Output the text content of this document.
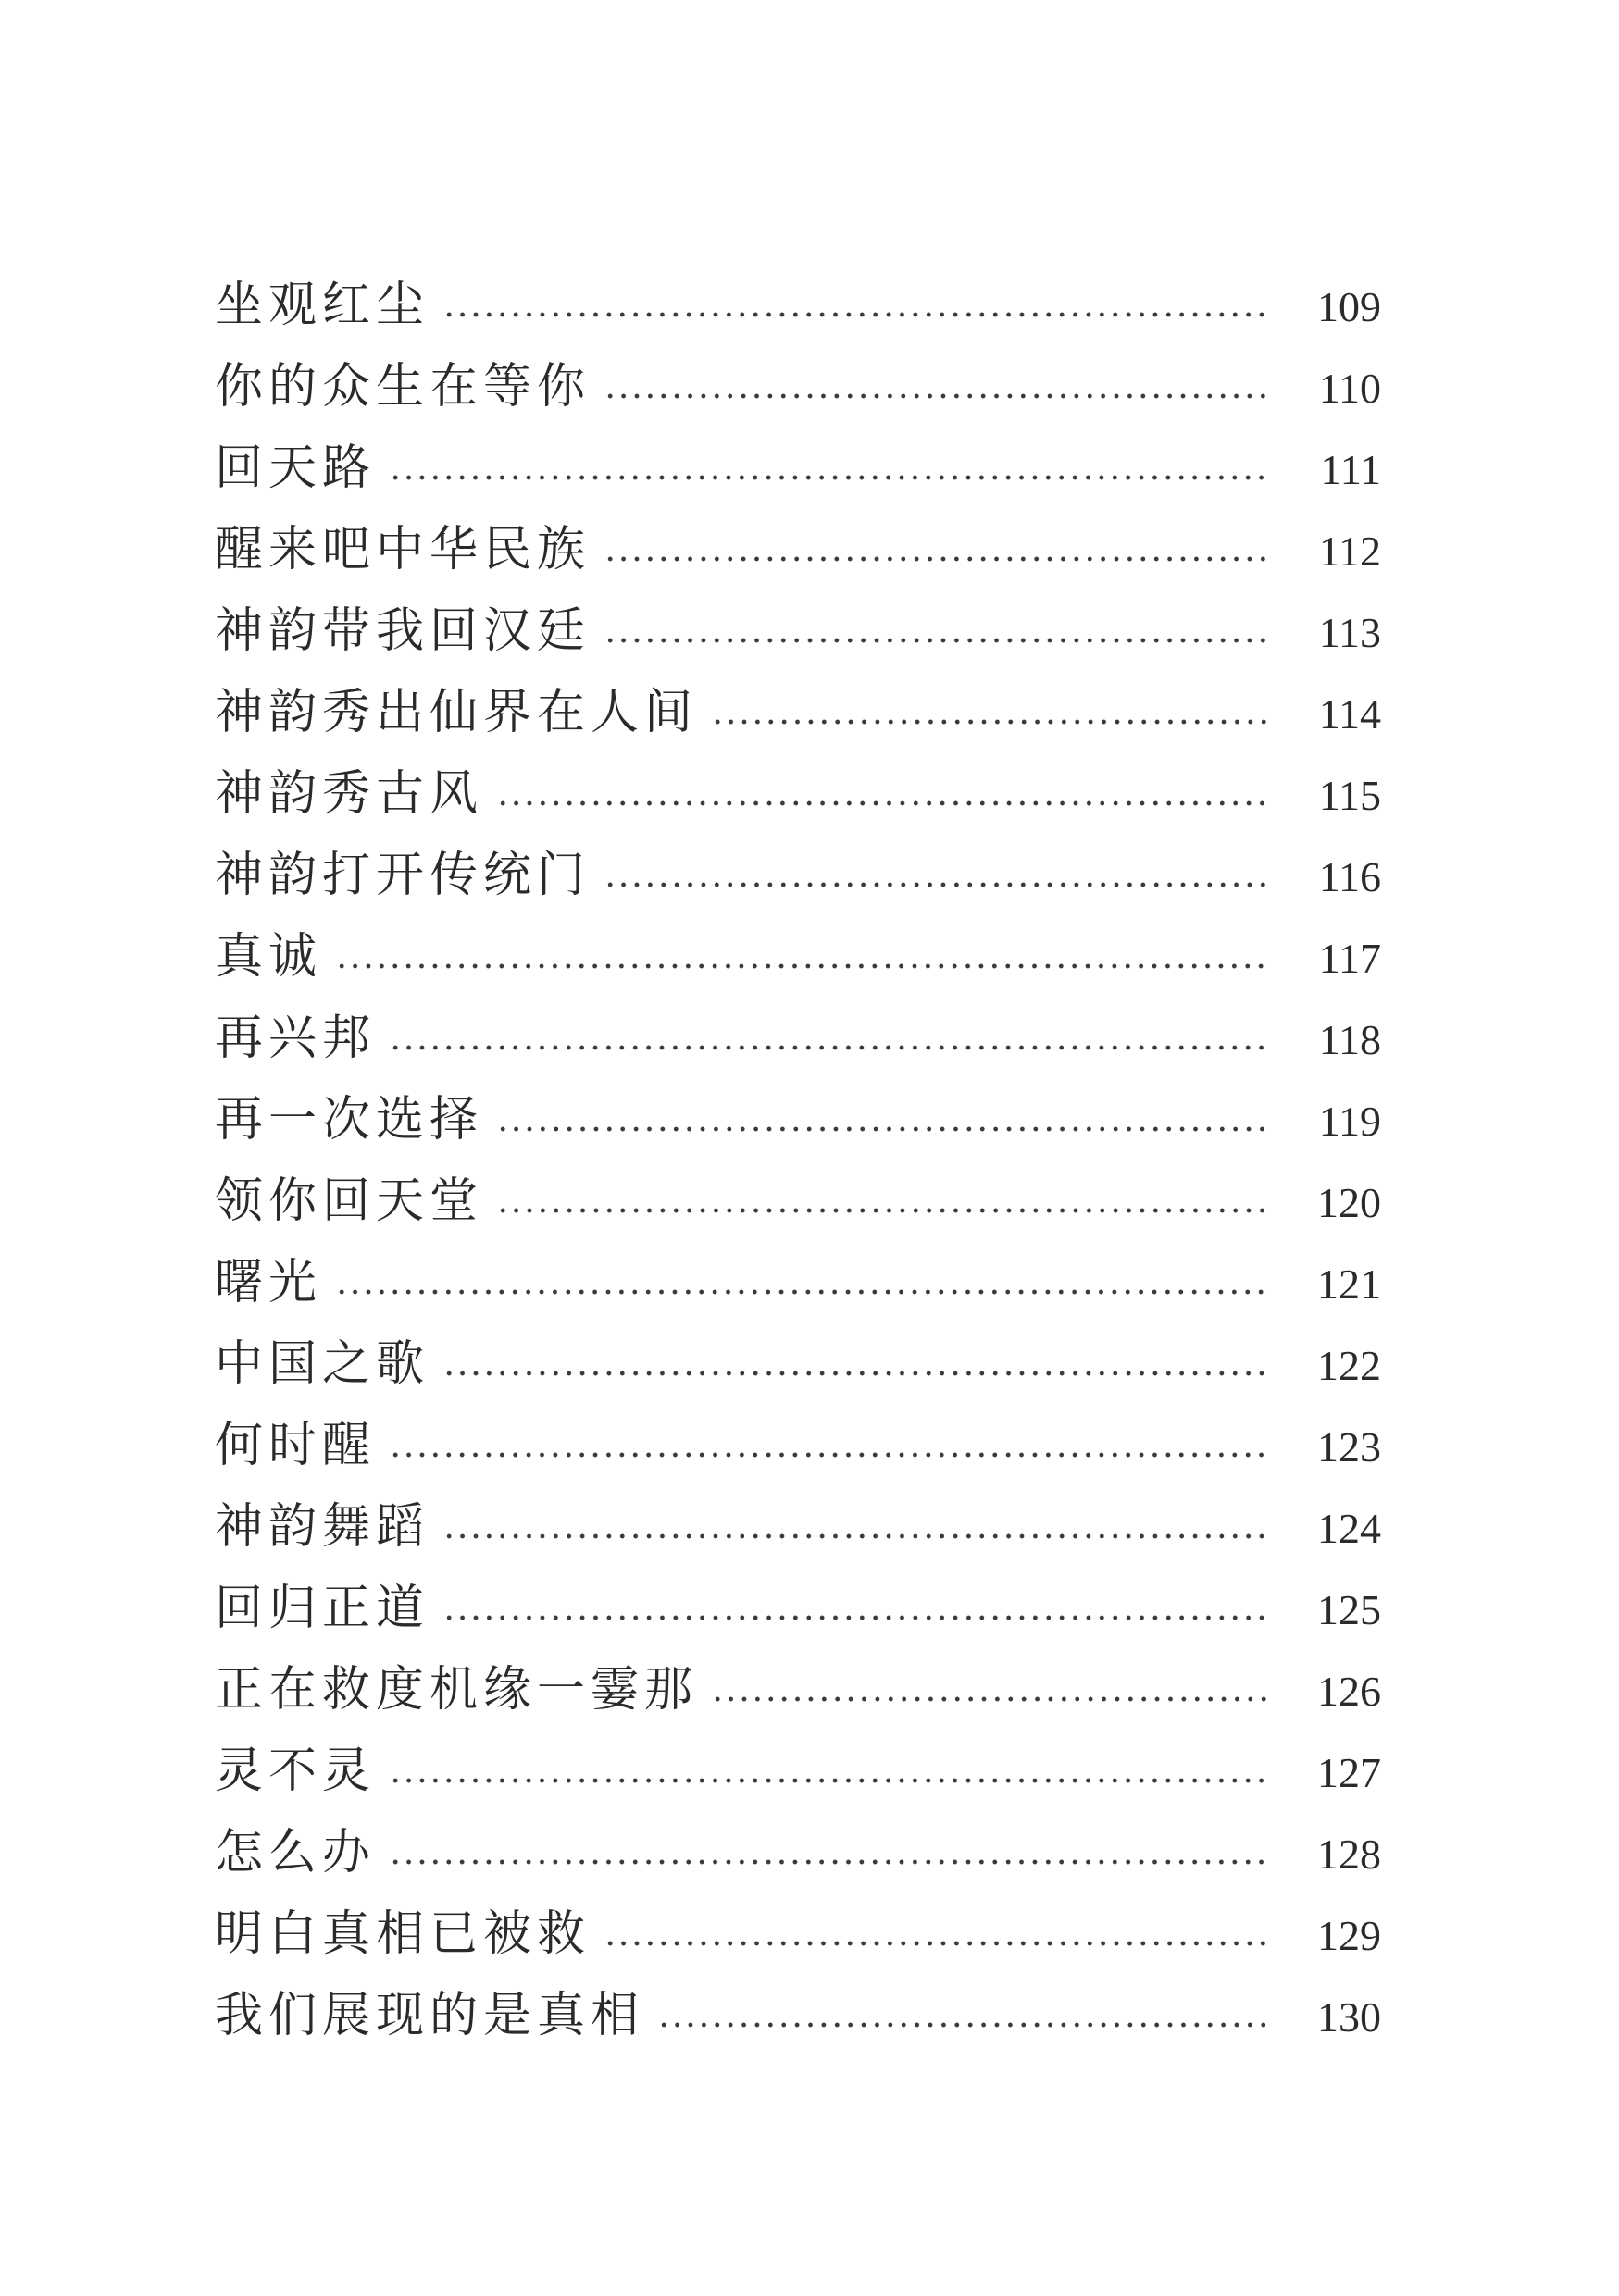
坐观红尘	109
你的众生在等你	110
回天路	111
醒来吧中华民族	112
神韵带我回汉廷	113
神韵秀出仙界在人间	114
神韵秀古风	115
神韵打开传统门	116
真诚	117
再兴邦	118
再一次选择	119
领你回天堂	120
曙光	121
中国之歌	122
何时醒	123
神韵舞蹈	124
回归正道	125
正在救度机缘一霎那	126
灵不灵	127
怎么办	128
明白真相已被救	129
我们展现的是真相	130
